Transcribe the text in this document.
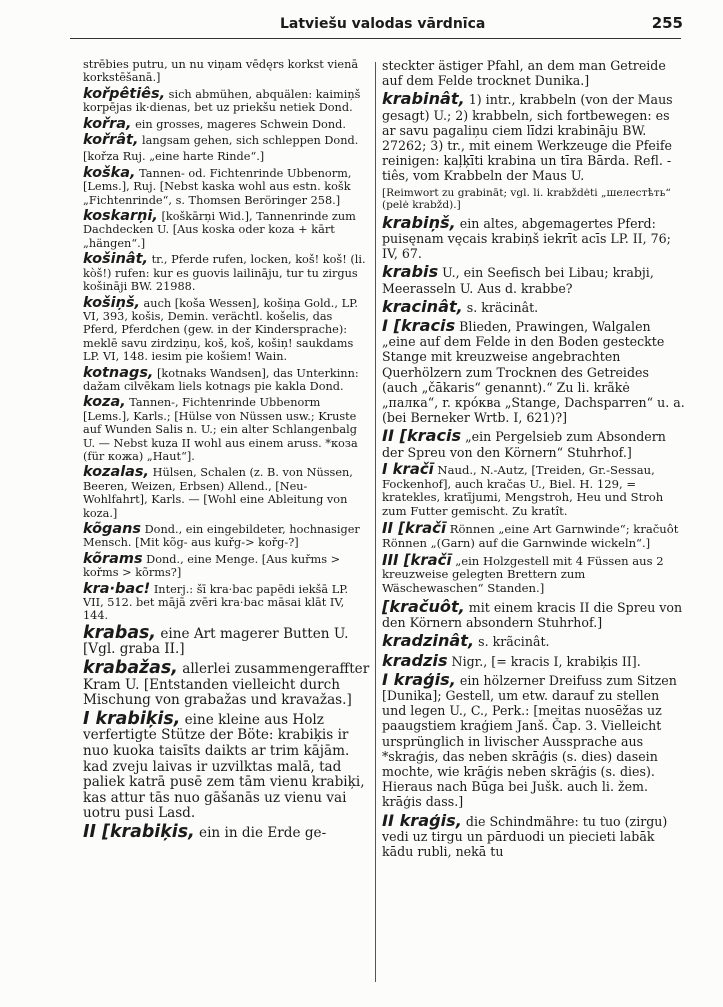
Latviešu valodas vārdnīca	255

strēbies putru, un nu viņam vēdęrs korkst vienā korkstēšanā.]

kořpêtiês, sich abmühen, abquälen: kaimiņš korpējas ik·dienas, bet uz priekšu netiek Dond.

kořra, ein grosses, mageres Schwein Dond.

kořrât, langsam gehen, sich schleppen Dond.

[kořza Ruj. „eine harte Rinde“.]

koška, Tannen- od. Fichtenrinde Ubbenorm, [Lems.], Ruj. [Nebst kaska wohl aus estn. košk „Fichtenrinde“, s. Thomsen Beröringer 258.]

koskarņi, [koškārņi Wid.], Tannenrinde zum Dachdecken U. [Aus koska oder koza + kārt „hängen“.]

košinât, tr., Pferde rufen, locken, koš! koš! (li. kòš!) rufen: kur es guovis lailināju, tur tu zirgus košināji BW. 21988.

košiņš, auch [koša Wessen], košiņa Gold., LP. VI, 393, košis, Demin. verächtl. košelis, das Pferd, Pferdchen (gew. in der Kindersprache): meklē savu zirdziņu, koš, koš, košiņ! saukdams LP. VI, 148. iesim pie košiem! Wain.

kotnags, [kotnaks Wandsen], das Unterkinn: dažam cilvēkam liels kotnags pie kakla Dond.

koza, Tannen-, Fichtenrinde Ubbenorm [Lems.], Karls.; [Hülse von Nüssen usw.; Kruste auf Wunden Salis n. U.; ein alter Schlangenbalg U. — Nebst kuza II wohl aus einem aruss. *коза (für кожа) „Haut“].

kozalas, Hülsen, Schalen (z. B. von Nüssen, Beeren, Weizen, Erbsen) Allend., [Neu-Wohlfahrt], Karls. — [Wohl eine Ableitung von koza.]

kõgans Dond., ein eingebildeter, hochnasiger Mensch. [Mit kõg- aus kuřg-> kořg-?]

kõrams Dond., eine Menge. [Aus kuřms > kořms > kõrms?]

kra·bac! Interj.: šī kra·bac papēdi iekšā LP. VII, 512. bet mājā zvēri kra·bac māsai klāt IV, 144.

krabas, eine Art magerer Butten U. [Vgl. graba II.]

krabažas, allerlei zusammengeraffter Kram U. [Entstanden vielleicht durch Mischung von grabažas und kravažas.]

I krabiķis, eine kleine aus Holz verfertigte Stütze der Böte: krabiķis ir nuo kuoka taisīts daikts ar trim kājām. kad zveju laivas ir uzvilktas malā, tad paliek katrā pusē zem tām vienu krabiķi, kas attur tās nuo gāšanās uz vienu vai uotru pusi Lasd.

II [krabiķis, ein in die Erde ge-

steckter ästiger Pfahl, an dem man Getreide auf dem Felde trocknet Dunika.]

krabinât, 1) intr., krabbeln (von der Maus gesagt) U.; 2) krabbeln, sich fortbewegen: es ar savu pagaliņu ciem līdzi krabināju BW. 27262; 3) tr., mit einem Werkzeuge die Pfeife reinigen: kaļķīti krabina un tīra Bārda. Refl. -tiês, vom Krabbeln der Maus U.

[Reimwort zu grabināt; vgl. li. krabždėti „шелестѣть“ (pelė krabžd).]

krabiņš, ein altes, abgemagertes Pferd: puisęnam vęcais krabiņš iekrīt acīs LP. II, 76; IV, 67.

krabis U., ein Seefisch bei Libau; krabji, Meerasseln U. Aus d. krabbe?

kracinât, s. kräcinât.

I [kracis Blieden, Prawingen, Walgalen „eine auf dem Felde in den Boden gesteckte Stange mit kreuzweise angebrachten Querhölzern zum Trocknen des Getreides (auch „čākaris“ genannt).“ Zu li. krãkė „палка“, r. крóква „Stange, Dachsparren“ u. a. (bei Berneker Wrtb. I, 621)?]

II [kracis „ein Pergelsieb zum Absondern der Spreu von den Körnern“ Stuhrhof.]

I kračī Naud., N.-Autz, [Treiden, Gr.-Sessau, Fockenhof], auch kračas U., Biel. H. 129, = kratekles, kratījumi, Mengstroh, Heu und Stroh zum Futter gemischt. Zu kratît.

II [kračī Rönnen „eine Art Garnwinde“; kračuôt Rönnen „(Garn) auf die Garnwinde wickeln“.]

III [kračī „ein Holzgestell mit 4 Füssen aus 2 kreuzweise gelegten Brettern zum Wäschewaschen“ Standen.]

[kračuôt, mit einem kracis II die Spreu von den Körnern absondern Stuhrhof.]

kradzinât, s. krãcinât.

kradzis Nigr., [= kracis I, krabiķis II].

I kraģis, ein hölzerner Dreifuss zum Sitzen [Dunika]; Gestell, um etw. darauf zu stellen und legen U., C., Perk.: [meitas nuosēžas uz paaugstiem kraģiem Janš. Čap. 3. Vielleicht ursprünglich in livischer Aussprache aus *skraģis, das neben skrāģis (s. dies) dasein mochte, wie krāģis neben skrāģis (s. dies). Hieraus nach Būga bei Jušk. auch li. žem. krāģis dass.]

II kraģis, die Schindmähre: tu tuo (zirgu) vedi uz tirgu un pārduodi un piecieti labāk kādu rubli, nekā tu
